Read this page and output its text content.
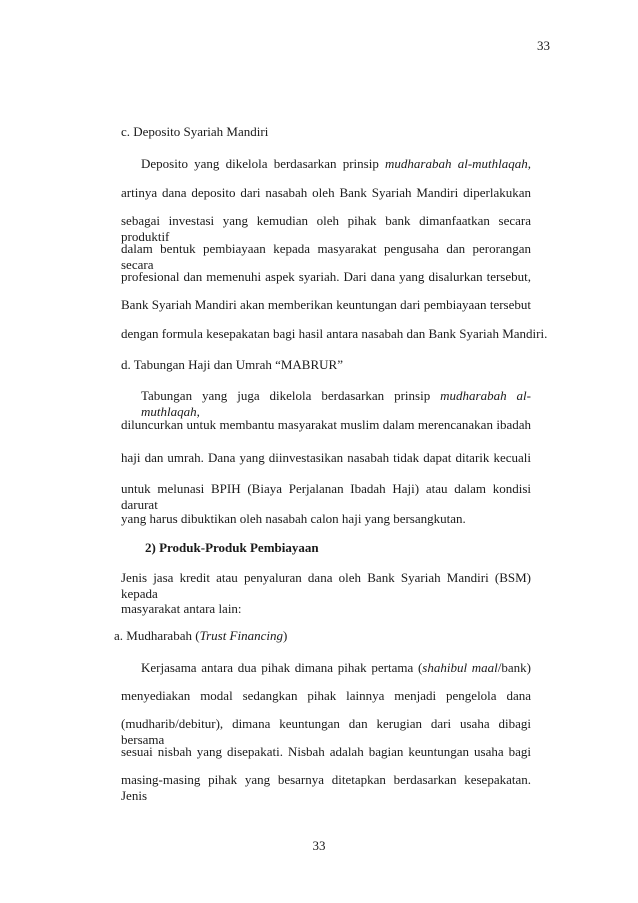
33
c. Deposito Syariah Mandiri
Deposito yang dikelola berdasarkan prinsip mudharabah al-muthlaqah,
artinya dana deposito dari nasabah oleh Bank Syariah Mandiri diperlakukan
sebagai investasi yang kemudian oleh pihak bank dimanfaatkan secara produktif
dalam bentuk pembiayaan kepada masyarakat pengusaha dan perorangan secara
profesional dan memenuhi aspek syariah. Dari dana yang disalurkan tersebut,
Bank Syariah Mandiri akan memberikan keuntungan dari pembiayaan tersebut
dengan formula kesepakatan bagi hasil antara nasabah dan Bank Syariah Mandiri.
d. Tabungan Haji dan Umrah “MABRUR”
Tabungan yang juga dikelola berdasarkan prinsip mudharabah al-muthlaqah,
diluncurkan untuk membantu masyarakat muslim dalam merencanakan ibadah
haji dan umrah. Dana yang diinvestasikan nasabah tidak dapat ditarik kecuali
untuk melunasi BPIH (Biaya Perjalanan Ibadah Haji) atau dalam kondisi darurat
yang harus dibuktikan oleh nasabah calon haji yang bersangkutan.
2) Produk-Produk Pembiayaan
Jenis jasa kredit atau penyaluran dana oleh Bank Syariah Mandiri (BSM) kepada
masyarakat antara lain:
a. Mudharabah (Trust Financing)
Kerjasama antara dua pihak dimana pihak pertama (shahibul maal/bank)
menyediakan modal sedangkan pihak lainnya menjadi pengelola dana
(mudharib/debitur), dimana keuntungan dan kerugian dari usaha dibagi bersama
sesuai nisbah yang disepakati. Nisbah adalah bagian keuntungan usaha bagi
masing-masing pihak yang besarnya ditetapkan berdasarkan kesepakatan. Jenis
33
